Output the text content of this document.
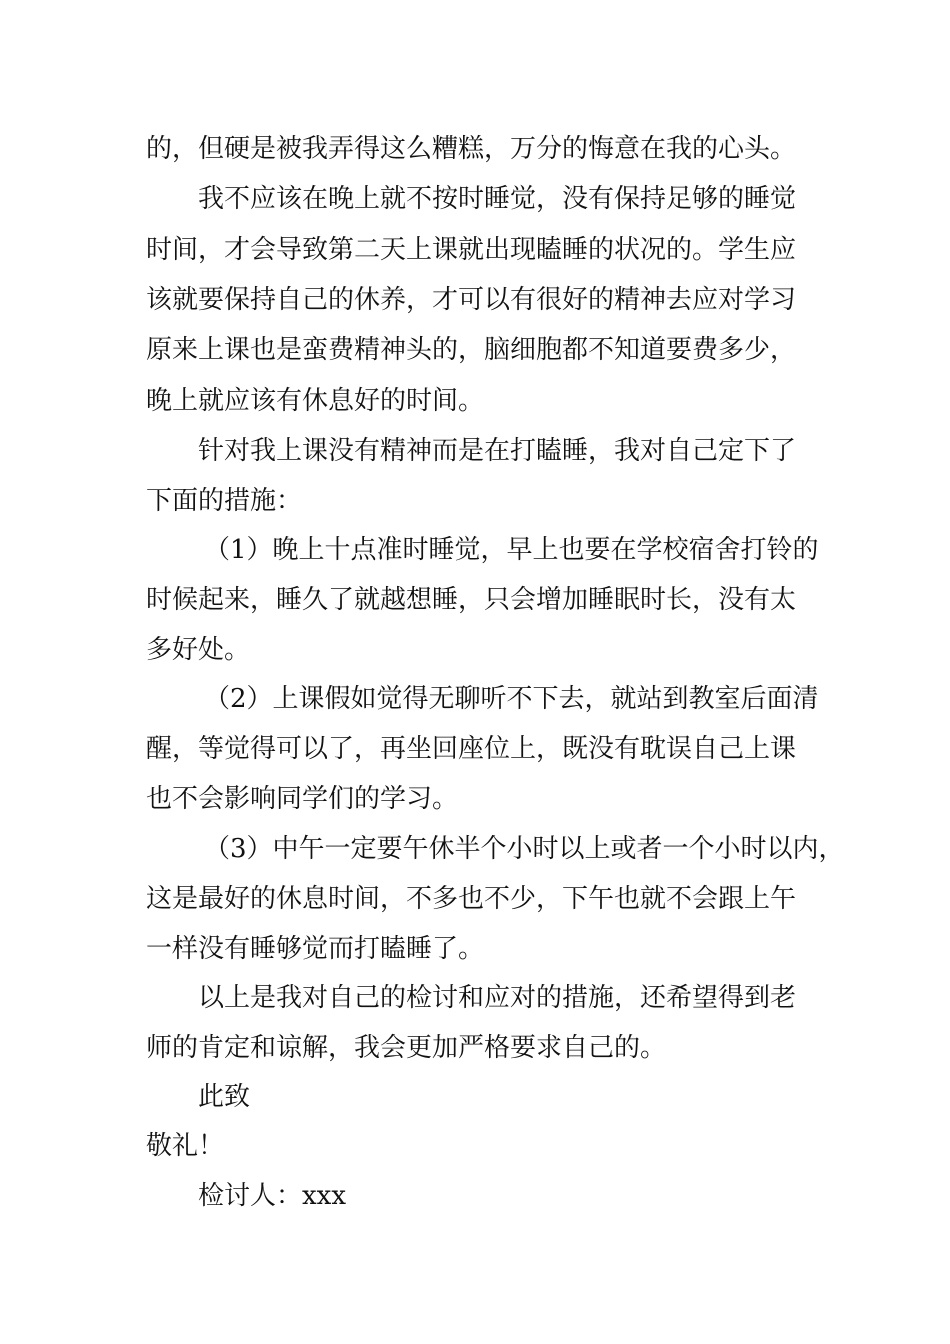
的，但硬是被我弄得这么糟糕，万分的悔意在我的心头。
我不应该在晚上就不按时睡觉，没有保持足够的睡觉
时间，才会导致第二天上课就出现瞌睡的状况的。学生应
该就要保持自己的休养，才可以有很好的精神去应对学习
原来上课也是蛮费精神头的，脑细胞都不知道要费多少，
晚上就应该有休息好的时间。
针对我上课没有精神而是在打瞌睡，我对自己定下了
下面的措施：
（1）晚上十点准时睡觉，早上也要在学校宿舍打铃的
时候起来，睡久了就越想睡，只会增加睡眠时长，没有太
多好处。
（2）上课假如觉得无聊听不下去，就站到教室后面清
醒，等觉得可以了，再坐回座位上，既没有耽误自己上课
也不会影响同学们的学习。
（3）中午一定要午休半个小时以上或者一个小时以内，
这是最好的休息时间，不多也不少，下午也就不会跟上午
一样没有睡够觉而打瞌睡了。
以上是我对自己的检讨和应对的措施，还希望得到老
师的肯定和谅解，我会更加严格要求自己的。
此致
敬礼！
检讨人：xxx
